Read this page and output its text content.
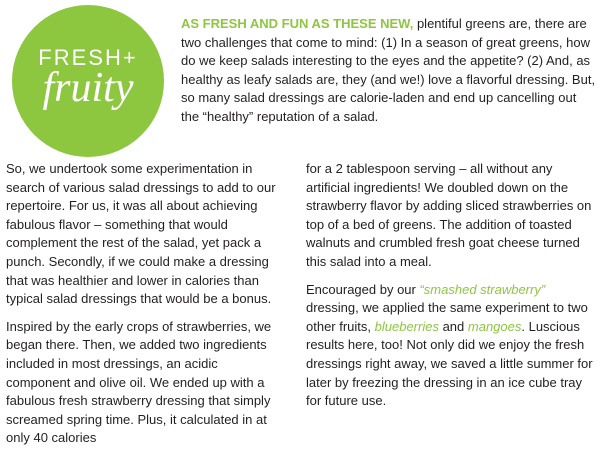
FRESH+
fruity

AS FRESH AND FUN AS THESE NEW, plentiful greens are, there are two challenges that come to mind: (1) In a season of great greens, how do we keep salads interesting to the eyes and the appetite? (2) And, as healthy as leafy salads are, they (and we!) love a flavorful dressing. But, so many salad dressings are calorie-laden and end up cancelling out the “healthy” reputation of a salad.

So, we undertook some experimentation in search of various salad dressings to add to our repertoire. For us, it was all about achieving fabulous flavor – something that would complement the rest of the salad, yet pack a punch. Secondly, if we could make a dressing that was healthier and lower in calories than typical salad dressings that would be a bonus.

Inspired by the early crops of strawberries, we began there. Then, we added two ingredients included in most dressings, an acidic component and olive oil. We ended up with a fabulous fresh strawberry dressing that simply screamed spring time. Plus, it calculated in at only 40 calories

for a 2 tablespoon serving – all without any artificial ingredients! We doubled down on the strawberry flavor by adding sliced strawberries on top of a bed of greens. The addition of toasted walnuts and crumbled fresh goat cheese turned this salad into a meal.

Encouraged by our “smashed strawberry” dressing, we applied the same experiment to two other fruits, blueberries and mangoes. Luscious results here, too! Not only did we enjoy the fresh dressings right away, we saved a little summer for later by freezing the dressing in an ice cube tray for future use.
